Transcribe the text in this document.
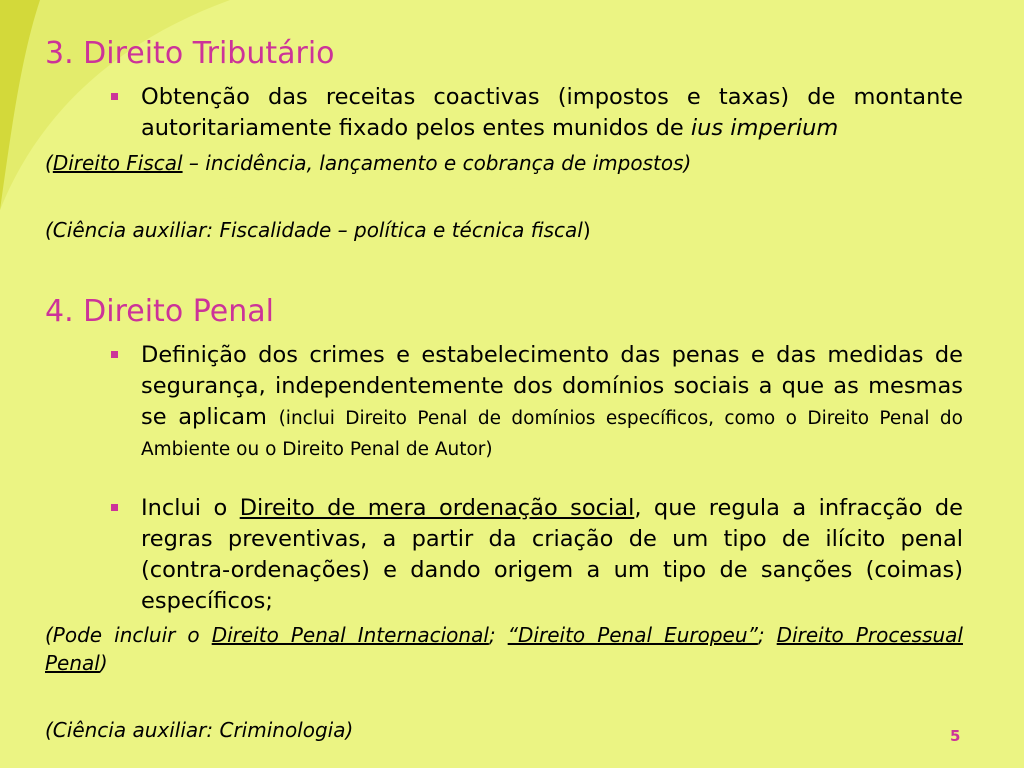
3. Direito Tributário
Obtenção das receitas coactivas (impostos e taxas) de montante autoritariamente fixado pelos entes munidos de ius imperium
(Direito Fiscal – incidência, lançamento e cobrança de impostos)
(Ciência auxiliar: Fiscalidade – política e técnica fiscal)
4. Direito Penal
Definição dos crimes e estabelecimento das penas e das medidas de segurança, independentemente dos domínios sociais a que as mesmas se aplicam (inclui Direito Penal de domínios específicos, como o Direito Penal do Ambiente ou o Direito Penal de Autor)
Inclui o Direito de mera ordenação social, que regula a infracção de regras preventivas, a partir da criação de um tipo de ilícito penal (contra-ordenações) e dando origem a um tipo de sanções (coimas) específicos;
(Pode incluir o Direito Penal Internacional; “Direito Penal Europeu”; Direito Processual Penal)
(Ciência auxiliar: Criminologia)	5
